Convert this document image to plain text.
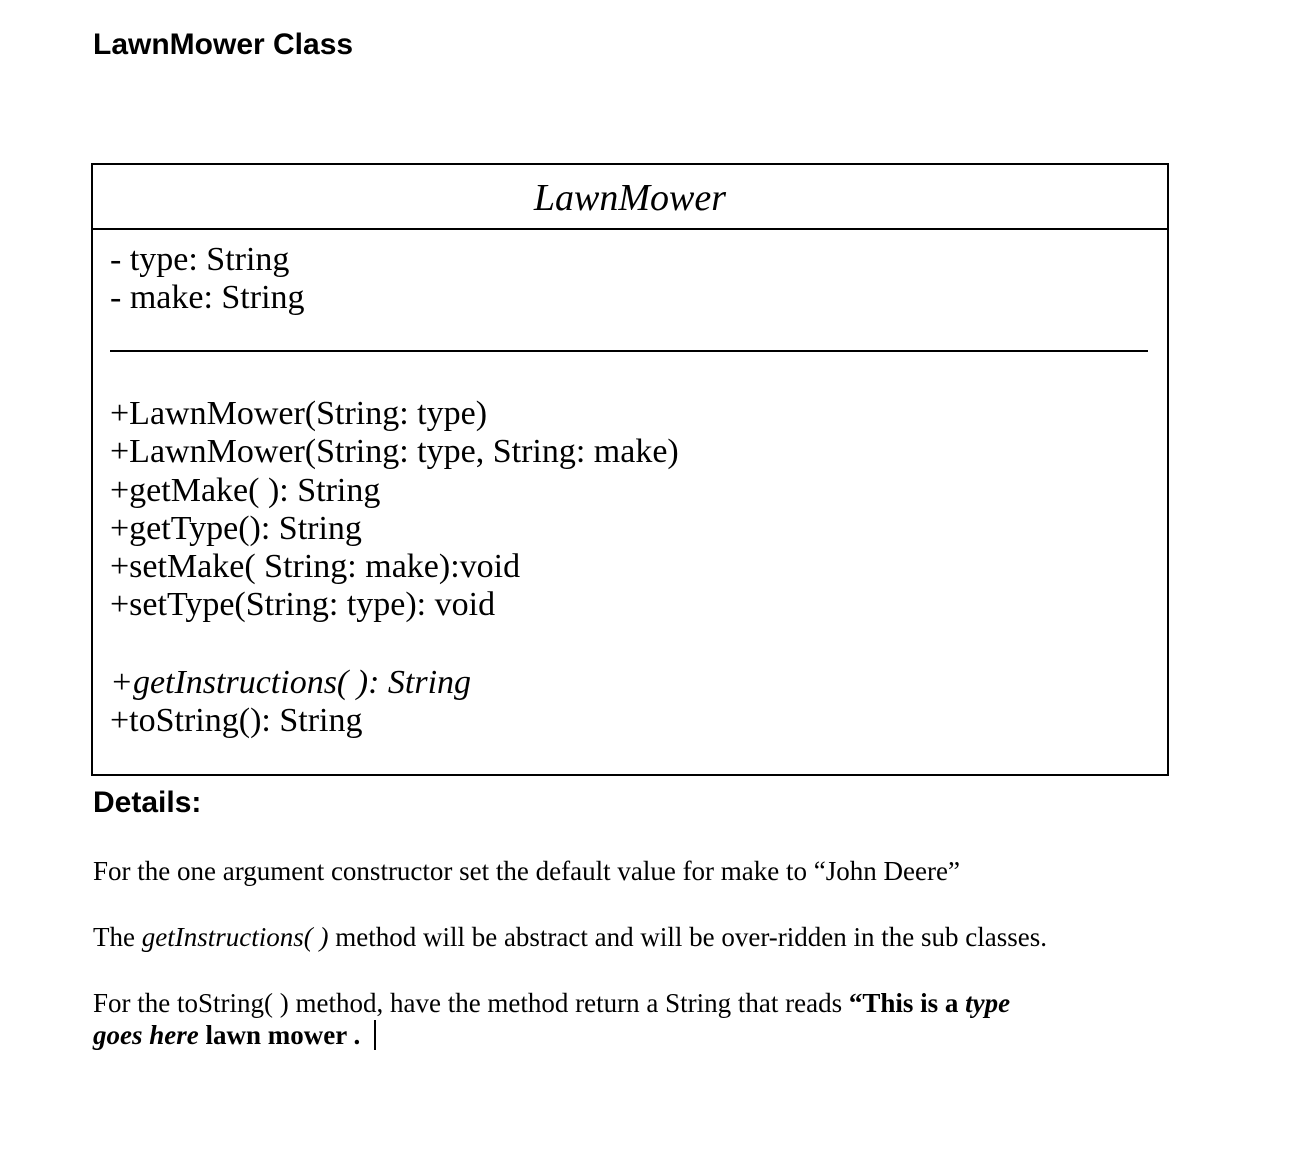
LawnMower Class
LawnMower
- type: String
- make: String
+LawnMower(String: type)
+LawnMower(String: type, String: make)
+getMake( ): String
+getType(): String
+setMake( String: make):void
+setType(String: type): void
+getInstructions( ): String
+toString(): String
Details:

For the one argument constructor set the default value for make to “John Deere”

The getInstructions( ) method will be abstract and will be over-ridden in the sub classes.

For the toString( ) method, have the method return a String that reads “This is a type
goes here lawn mower .
